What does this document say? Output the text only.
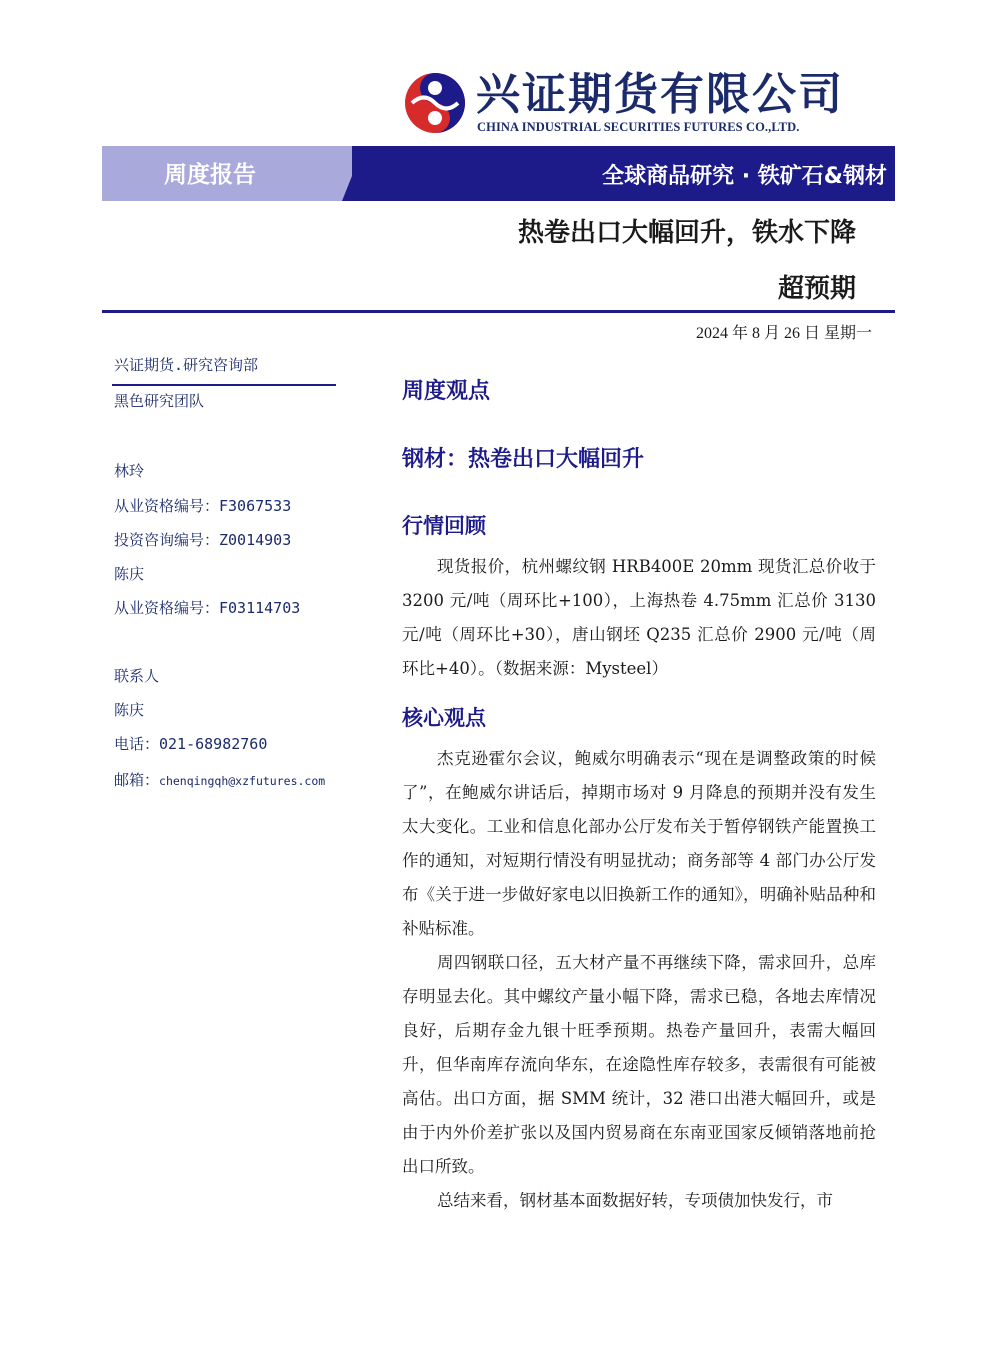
兴证期货有限公司
CHINA INDUSTRIAL SECURITIES FUTURES CO.,LTD.
周度报告	全球商品研究 · 铁矿石&钢材
热卷出口大幅回升，铁水下降
超预期
2024 年 8 月 26 日 星期一
兴证期货.研究咨询部
黑色研究团队
林玲
从业资格编号：F3067533
投资咨询编号：Z0014903
陈庆
从业资格编号：F03114703
联系人
陈庆
电话：021-68982760
邮箱：chenqingqh@xzfutures.com
周度观点
钢材：热卷出口大幅回升
行情回顾
现货报价，杭州螺纹钢 HRB400E 20mm 现货汇总价收于 3200 元/吨（周环比+100），上海热卷 4.75mm 汇总价 3130 元/吨（周环比+30），唐山钢坯 Q235 汇总价 2900 元/吨（周环比+40）。（数据来源：Mysteel）
核心观点
杰克逊霍尔会议，鲍威尔明确表示“现在是调整政策的时候了”，在鲍威尔讲话后，掉期市场对 9 月降息的预期并没有发生太大变化。工业和信息化部办公厅发布关于暂停钢铁产能置换工作的通知，对短期行情没有明显扰动；商务部等 4 部门办公厅发布《关于进一步做好家电以旧换新工作的通知》，明确补贴品种和补贴标准。
周四钢联口径，五大材产量不再继续下降，需求回升，总库存明显去化。其中螺纹产量小幅下降，需求已稳，各地去库情况良好，后期存金九银十旺季预期。热卷产量回升，表需大幅回升，但华南库存流向华东，在途隐性库存较多，表需很有可能被高估。出口方面，据 SMM 统计，32 港口出港大幅回升，或是由于内外价差扩张以及国内贸易商在东南亚国家反倾销落地前抢出口所致。
总结来看，钢材基本面数据好转，专项债加快发行，市
